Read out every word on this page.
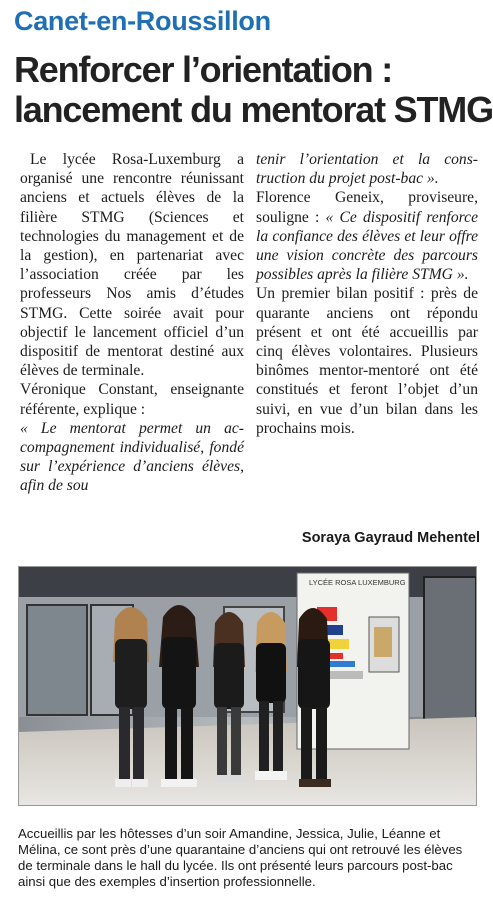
Canet-en-Roussillon
Renforcer l’orientation :
lancement du mentorat STMG

Le lycée Rosa-Luxemburg a organisé une rencontre réunissant anciens et actuels élèves de la filière STMG (Sciences et technologies du management et de la gestion), en partenariat avec l’association créée par les professeurs Nos amis d’études STMG. Cette soirée avait pour objectif le lancement officiel d’un dispositif de mentorat destiné aux élèves de terminale.

Véronique Constant, enseignante référente, explique :

« Le mentorat permet un accompagnement individualisé, fondé sur l’expérience d’anciens élèves, afin de sou

tenir l’orientation et la construction du projet post-bac ».

Florence Geneix, proviseure, souligne : « Ce dispositif renforce la confiance des élèves et leur offre une vision concrète des parcours possibles après la filière STMG ».

Un premier bilan positif : près de quarante anciens ont répondu présent et ont été accueillis par cinq élèves volontaires. Plusieurs binômes mentor-mentoré ont été constitués et feront l’objet d’un suivi, en vue d’un bilan dans les prochains mois.

Soraya Gayraud Mehentel
LYCÉE ROSA LUXEMBURG

Accueillis par les hôtesses d’un soir Amandine, Jessica, Julie, Léanne et Mélina, ce sont près d’une quarantaine d’anciens qui ont retrouvé les élèves de terminale dans le hall du lycée. Ils ont présenté leurs parcours post-bac ainsi que des exemples d’insertion professionnelle.
